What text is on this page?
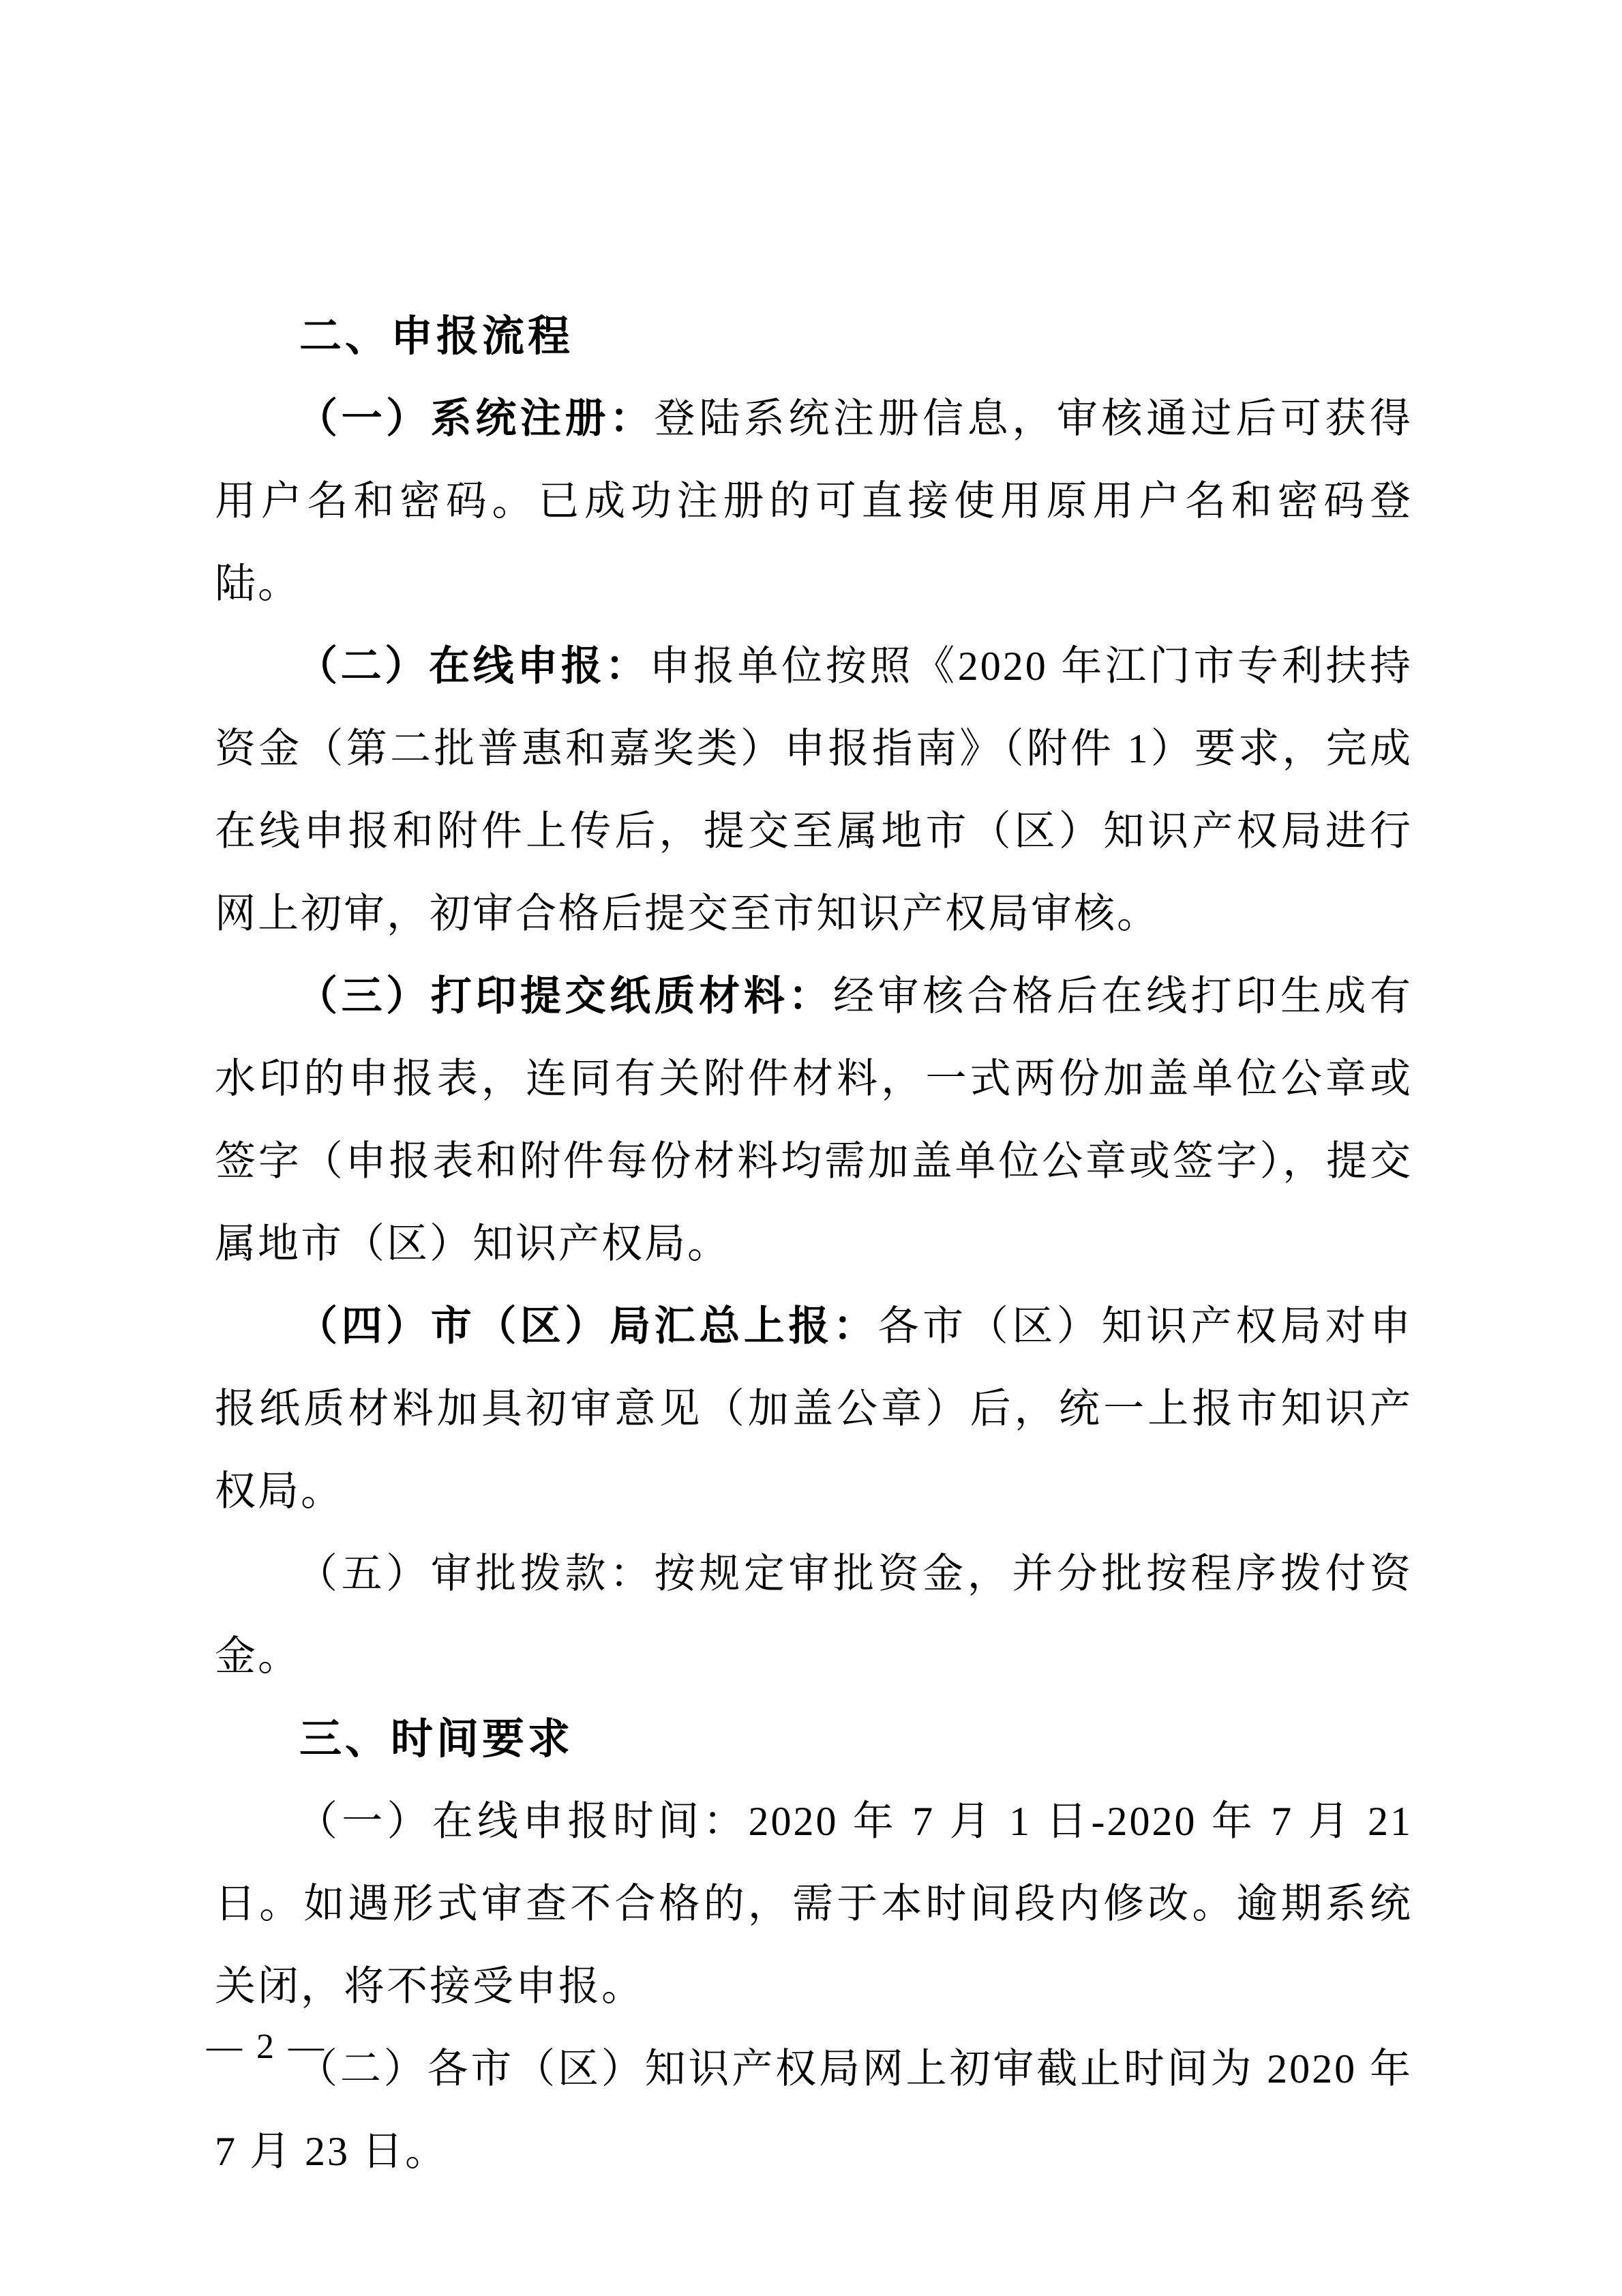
二、申报流程

（一）系统注册：登陆系统注册信息，审核通过后可获得用户名和密码。已成功注册的可直接使用原用户名和密码登陆。

（二）在线申报：申报单位按照《2020 年江门市专利扶持资金（第二批普惠和嘉奖类）申报指南》（附件 1）要求，完成在线申报和附件上传后，提交至属地市（区）知识产权局进行网上初审，初审合格后提交至市知识产权局审核。

（三）打印提交纸质材料：经审核合格后在线打印生成有水印的申报表，连同有关附件材料，一式两份加盖单位公章或签字（申报表和附件每份材料均需加盖单位公章或签字），提交属地市（区）知识产权局。

（四）市（区）局汇总上报：各市（区）知识产权局对申报纸质材料加具初审意见（加盖公章）后，统一上报市知识产权局。

（五）审批拨款：按规定审批资金，并分批按程序拨付资金。

三、时间要求

（一）在线申报时间：2020 年 7 月 1 日-2020 年 7 月 21 日。如遇形式审查不合格的，需于本时间段内修改。逾期系统关闭，将不接受申报。

（二）各市（区）知识产权局网上初审截止时间为 2020 年 7 月 23 日。

— 2 —
